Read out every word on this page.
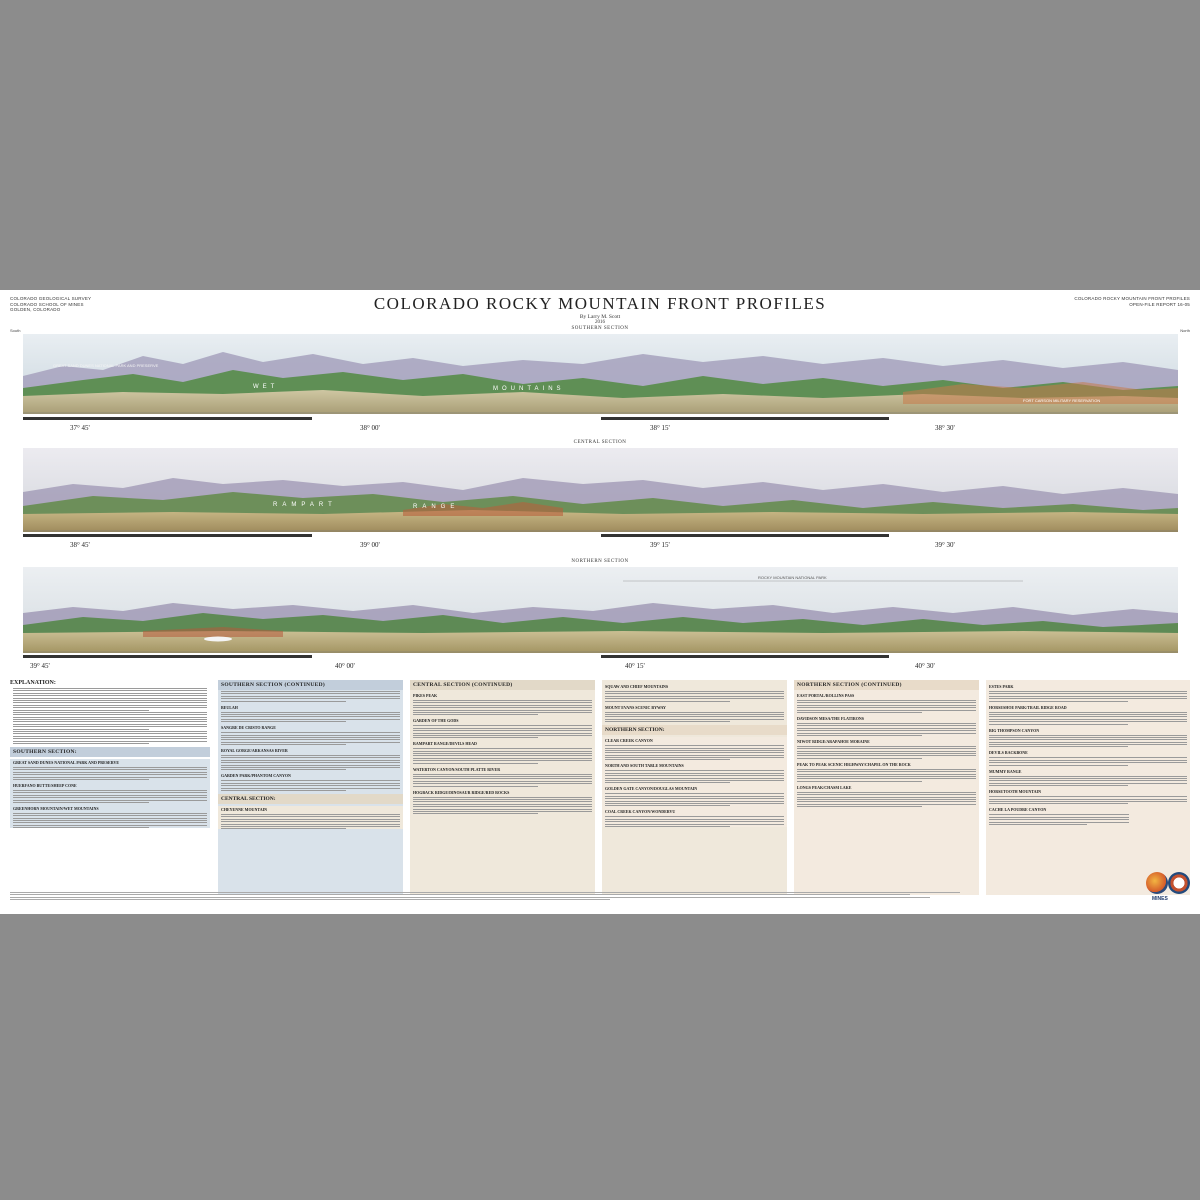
COLORADO GEOLOGICAL SURVEY
COLORADO SCHOOL OF MINES
GOLDEN, COLORADO
COLORADO ROCKY MOUNTAIN FRONT PROFILES
OPEN-FILE REPORT 16-05
COLORADO ROCKY MOUNTAIN FRONT PROFILES
By Larry M. Scott
2016
SOUTHERN SECTION
South	North
GREAT SAND DUNES NATIONAL PARK AND PRESERVE
WET	MOUNTAINS
FORT CARSON MILITARY RESERVATION
37° 45'	38° 00'	38° 15'	38° 30'
CENTRAL SECTION
RAMPART	RANGE
38° 45'	39° 00'	39° 15'	39° 30'
NORTHERN SECTION
ROCKY MOUNTAIN NATIONAL PARK
39° 45'	40° 00'	40° 15'	40° 30'
EXPLANATION:
SOUTHERN SECTION:
GREAT SAND DUNES NATIONAL PARK AND PRESERVE
HUERFANO BUTTE/SHEEP CONE
GREENHORN MOUNTAIN/WET MOUNTAINS
SOUTHERN SECTION (CONTINUED)
BEULAH
SANGRE DE CRISTO RANGE
ROYAL GORGE/ARKANSAS RIVER
GARDEN PARK/PHANTOM CANYON
CENTRAL SECTION:
CHEYENNE MOUNTAIN
CENTRAL SECTION (CONTINUED)
PIKES PEAK
GARDEN OF THE GODS
RAMPART RANGE/DEVILS HEAD
WATERTON CANYON/SOUTH PLATTE RIVER
HOGBACK RIDGE/DINOSAUR RIDGE/RED ROCKS
SQUAW AND CHIEF MOUNTAINS
MOUNT EVANS SCENIC BYWAY
NORTHERN SECTION:
CLEAR CREEK CANYON
NORTH AND SOUTH TABLE MOUNTAINS
GOLDEN GATE CANYON/DOUGLAS MOUNTAIN
COAL CREEK CANYON/WONDERVU
NORTHERN SECTION (CONTINUED)
EAST PORTAL/ROLLINS PASS
DAVIDSON MESA/THE FLATIRONS
NIWOT RIDGE/ARAPAHOE MORAINE
PEAK TO PEAK SCENIC HIGHWAY/CHAPEL ON THE ROCK
LONGS PEAK/CHASM LAKE
ESTES PARK
HORSESHOE PARK/TRAIL RIDGE ROAD
BIG THOMPSON CANYON
DEVILS BACKBONE
MUMMY RANGE
HORSETOOTH MOUNTAIN
CACHE LA POUDRE CANYON
MINES
